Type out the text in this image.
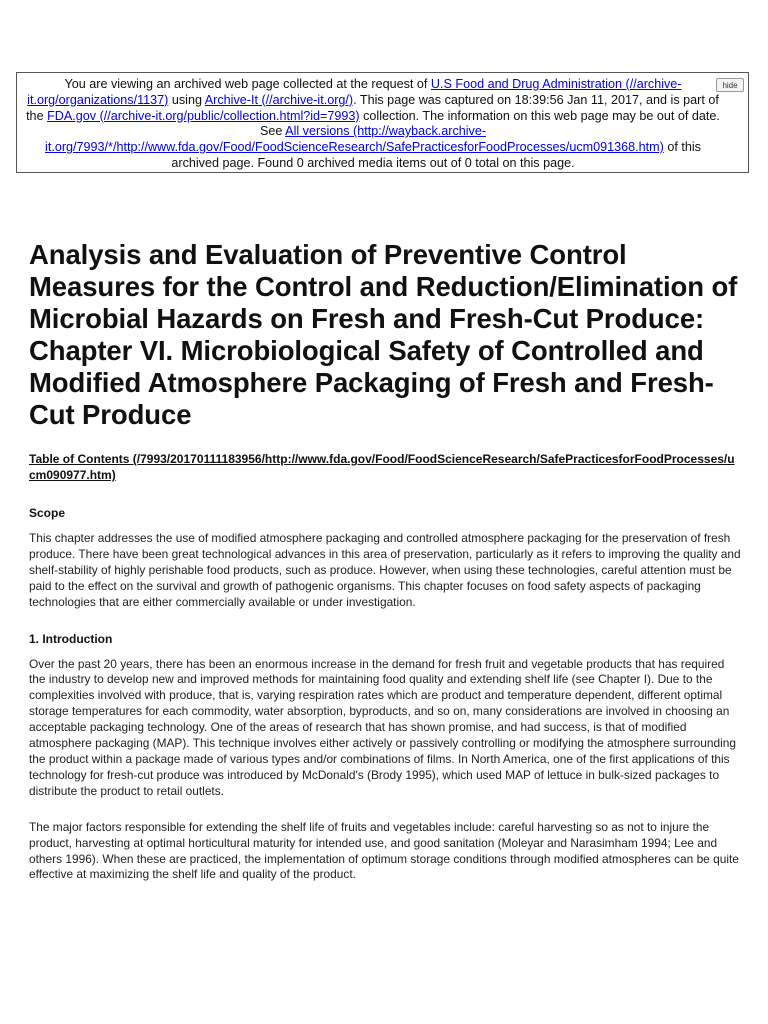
You are viewing an archived web page collected at the request of U.S Food and Drug Administration (//archive-it.org/organizations/1137) using Archive-It (//archive-it.org/). This page was captured on 18:39:56 Jan 11, 2017, and is part of the FDA.gov (//archive-it.org/public/collection.html?id=7993) collection. The information on this web page may be out of date. See All versions (http://wayback.archive-it.org/7993/*/http://www.fda.gov/Food/FoodScienceResearch/SafePracticesforFoodProcesses/ucm091368.htm) of this archived page. Found 0 archived media items out of 0 total on this page.
hide
Analysis and Evaluation of Preventive Control Measures for the Control and Reduction/Elimination of Microbial Hazards on Fresh and Fresh-Cut Produce: Chapter VI. Microbiological Safety of Controlled and Modified Atmosphere Packaging of Fresh and Fresh-Cut Produce
Table of Contents (/7993/20170111183956/http://www.fda.gov/Food/FoodScienceResearch/SafePracticesforFoodProcesses/ucm090977.htm)
Scope

This chapter addresses the use of modified atmosphere packaging and controlled atmosphere packaging for the preservation of fresh produce. There have been great technological advances in this area of preservation, particularly as it refers to improving the quality and shelf-stability of highly perishable food products, such as produce. However, when using these technologies, careful attention must be paid to the effect on the survival and growth of pathogenic organisms. This chapter focuses on food safety aspects of packaging technologies that are either commercially available or under investigation.

1. Introduction

Over the past 20 years, there has been an enormous increase in the demand for fresh fruit and vegetable products that has required the industry to develop new and improved methods for maintaining food quality and extending shelf life (see Chapter I). Due to the complexities involved with produce, that is, varying respiration rates which are product and temperature dependent, different optimal storage temperatures for each commodity, water absorption, byproducts, and so on, many considerations are involved in choosing an acceptable packaging technology. One of the areas of research that has shown promise, and had success, is that of modified atmosphere packaging (MAP). This technique involves either actively or passively controlling or modifying the atmosphere surrounding the product within a package made of various types and/or combinations of films. In North America, one of the first applications of this technology for fresh-cut produce was introduced by McDonald's (Brody 1995), which used MAP of lettuce in bulk-sized packages to distribute the product to retail outlets.

The major factors responsible for extending the shelf life of fruits and vegetables include: careful harvesting so as not to injure the product, harvesting at optimal horticultural maturity for intended use, and good sanitation (Moleyar and Narasimham 1994; Lee and others 1996). When these are practiced, the implementation of optimum storage conditions through modified atmospheres can be quite effective at maximizing the shelf life and quality of the product.
